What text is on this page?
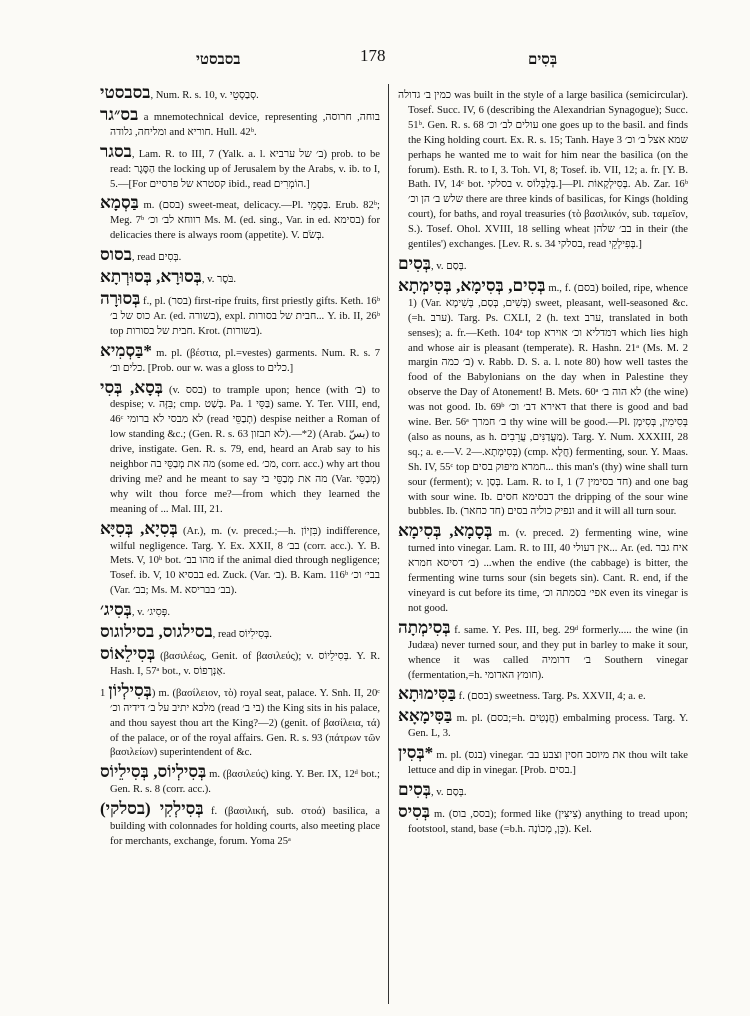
בסבסטי	178	בְּסִים

בסבסטי, Num. R. s. 10, v. סְבַסְטֵי.

בס״גר a mnemotechnical device, representing בוחה, חרוסה, ומליחה, גלודה and חוריא. Hull. 42ᵇ.

בסגר, Lam. R. to III, 7 (Yalk. a. l. ב׳ של ערביא) prob. to be read: הַסֶּגֶר the locking up of Jerusalem by the Arabs, v. ib. to I, 5.—[For קסטרא של פרסיים ibid., read הוֹמְרִים.]

בַּסְמָא m. (בסם) sweet-meat, delicacy.—Pl. בַּסְמֵי. Erub. 82ᵇ; Meg. 7ᵇ רווחא לב׳ וכ׳ Ms. M. (ed. sing., Var. in ed. בסימא) for delicacies there is always room (appetite). V. בְּשֹׂם.

בסוס, read בְּסִים.

בְּסוּרָא, בְּסוּרְתָא, v. בֹּסֶר.

בְּסוּרָה f., pl. (בסר) first-ripe fruits, first priestly gifts. Keth. 16ᵇ כוס של ב׳ Ar. (ed. בשורה), expl. חבית של בסורות... Y. ib. II, 26ᵇ top חבית של בסורות. Krot. (בשורות).

בַּסְמִיא* m. pl. (βέστια, pl.=vestes) garments. Num. R. s. 7 כלים וב׳. [Prob. our w. was a gloss to כלים.]

בְּסָא, בְּסִי (v. בסס) to trample upon; hence (with ב׳) to despise; v. בִּזָּה; cmp. בְּשַׁט. Pa. בַּסֵּי 1) same. Y. Ter. VIII, end, 46ᶜ לא מבסי לא ברומי (read תְבַסֵּי) despise neither a Roman of low standing &c.; (Gen. R. s. 63 לא תבזון).—*2) (Arab. بسّ) to drive, instigate. Gen. R. s. 79, end, heard an Arab say to his neighbor מה את מְבַסֵּי בה (some ed. מכ׳, corr. acc.) why art thou driving me? and he meant to say מה את מְבַסֵּי בי (Var. מְבַסֵּי) why wilt thou force me?—from which they learned the meaning of ... Mal. III, 21.

בְּסִיָא, בְּסִיָּא (Ar.), m. (v. preced.;—h. בִּזְיוֹן) indifference, wilful negligence. Targ. Y. Ex. XXII, 8 בב׳ (corr. acc.). Y. B. Mets. V, 10ᵇ bot. מהו בב׳ if the animal died through negligence; Tosef. ib. V, 10 בבסיא ed. Zuck. (Var. ב׳). B. Kam. 116ᵇ בבי׳ וכ׳ (Var. בב׳; Ms. M. בב׳ בבריסא).

בְּסִיג׳, v. פְּסִיג׳.

בסילגוס, בסילוגוס, read בְּסִילִיוֹס.

בְּסִילֵאוֹס (βασιλέως, Genit. of βασιλεύς); v. בְּסִילֵיוֹס. Y. R. Hash. I, 57ᵃ bot., v. אַנְרָפוֹס.

בְּסִילְיוֹן 1) m. (βασίλειον, τὸ) royal seat, palace. Y. Snh. II, 20ᶜ מלכא יתיב על ב׳ דידיה וכ׳ (read בי ב׳) the King sits in his palace, and thou sayest thou art the King?—2) (genit. of βασίλεια, τά) of the palace, or of the royal affairs. Gen. R. s. 93 (πάτρων τῶν βασιλείων) superintendent of &c.

בְּסִילְיוֹס, בְּסִילֵיוֹס m. (βασιλεύς) king. Y. Ber. IX, 12ᵈ bot.; Gen. R. s. 8 (corr. acc.).

בְּסִילְקִי (בסלקי) f. (βασιλική, sub. στοά) basilica, a building with colonnades for holding courts, also meeting place for merchants, exchange, forum. Yoma 25ᵃ

כמין ב׳ גדולה was built in the style of a large basilica (semicircular). Tosef. Succ. IV, 6 (describing the Alexandrian Synagogue); Succ. 51ᵇ. Gen. R. s. 68 עולים לב׳ וכ׳ one goes up to the basil. and finds the King holding court. Ex. R. s. 15; Tanh. Haye 3 שמא אצל ב׳ וכ׳ perhaps he wanted me to wait for him near the basilica (on the forum). Esth. R. to I, 3. Toh. VI, 8; Tosef. ib. VII, 12; a. fr. [Y. B. Bath. IV, 14ᶜ bot. בסלקי v. בְּלַבְּלוֹס.]—Pl. בְּסִילְקָאוֹת. Ab. Zar. 16ᵇ שלש ב׳ הן וכ׳ there are three kinds of basilicas, for Kings (holding court), for baths, and royal treasuries (τὸ βασιλικόν, sub. ταμεῖον, S.). Tosef. Ohol. XVIII, 18 selling wheat בב׳ שלהן in their (the gentiles') exchanges. [Lev. R. s. 34 בסלקי, read בְּפִילְקֵי.]

בְּסִים, v. בְּסַם.

בְּסִים, בְּסִימָא, בְּסִימְתָא m., f. (בסם) boiled, ripe, whence 1) (Var. בְּשִׁים, בְּסַם, בְּשִׁימָא) sweet, pleasant, well-seasoned &c. (=h. ערב). Targ. Ps. CXLI, 2 (h. text ערב, translated in both senses); a. fr.—Keth. 104ᵃ top דמדליא וכ׳ אוירא which lies high and whose air is pleasant (temperate). R. Hashn. 21ᵃ (Ms. M. 2 margin ב׳ כמה) v. Rabb. D. S. a. l. note 80) how well tastes the food of the Babylonians on the day when in Palestine they observe the Day of Atonement! B. Mets. 60ᵃ לא הוה ב׳ (the wine) was not good. Ib. 69ᵇ דאירא דב׳ וכ׳ that there is good and bad wine. Ber. 56ᵃ ב׳ חמרך thy wine will be good.—Pl. בְּסִימִין, בְּסִימָן (also as nouns, as h. מַעֲדַנִּים, עֲרֵבִים). Targ. Y. Num. XXXIII, 28 sq.; a. e.—V. בְּסִימְתָא.—2) (cmp. חֲלָא) fermenting, sour. Y. Maas. Sh. IV, 55ᶜ top חמרא מיפוק בסים... this man's (thy) wine shall turn sour (ferment); v. בְּסַן. Lam. R. to I, 1 (7 חד בסימין) and one bag with sour wine. Ib. דבסימא חסים the dripping of the sour wine bubbles. Ib. (חד כחאר) ונפיק כוליה בסים and it will all turn sour.

בְּסָמָא, בְּסִימָא m. (v. preced. 2) fermenting wine, wine turned into vinegar. Lam. R. to III, 40 אין דעולי... Ar. (ed. איח גבר ב׳ דסיסא חמרא) ...when the endive (the cabbage) is bitter, the fermenting wine turns sour (sin begets sin). Cant. R. end, if the vineyard is cut before its time, אפי׳ בסמתה וכ׳ even its vinegar is not good.

בְּסִימְתָה f. same. Y. Pes. III, beg. 29ᵈ formerly..... the wine (in Judæa) never turned sour, and they put in barley to make it sour, whence it was called ב׳ דרומיה Southern vinegar (fermentation,=h. חומץ האדומי).

בַּסִּימוּתָא f. (בסם) sweetness. Targ. Ps. XXVII, 4; a. e.

בַּסִּימָאָא m. pl. (בסם;=h. חֲנָטִים) embalming process. Targ. Y. Gen. L, 3.

בְּסִין* m. pl. (בנס) vinegar. את מיוסב חסין וצבע בב׳ thou wilt take lettuce and dip in vinegar. [Prob. בסים.]

בְּסִים, v. בְּסַם.

בְּסִיס m. (בסס, בוס); formed like (צִיצִּין) anything to tread upon; footstool, stand, base (=b.h. כֵּן, מְכוֹנָה). Kel.
